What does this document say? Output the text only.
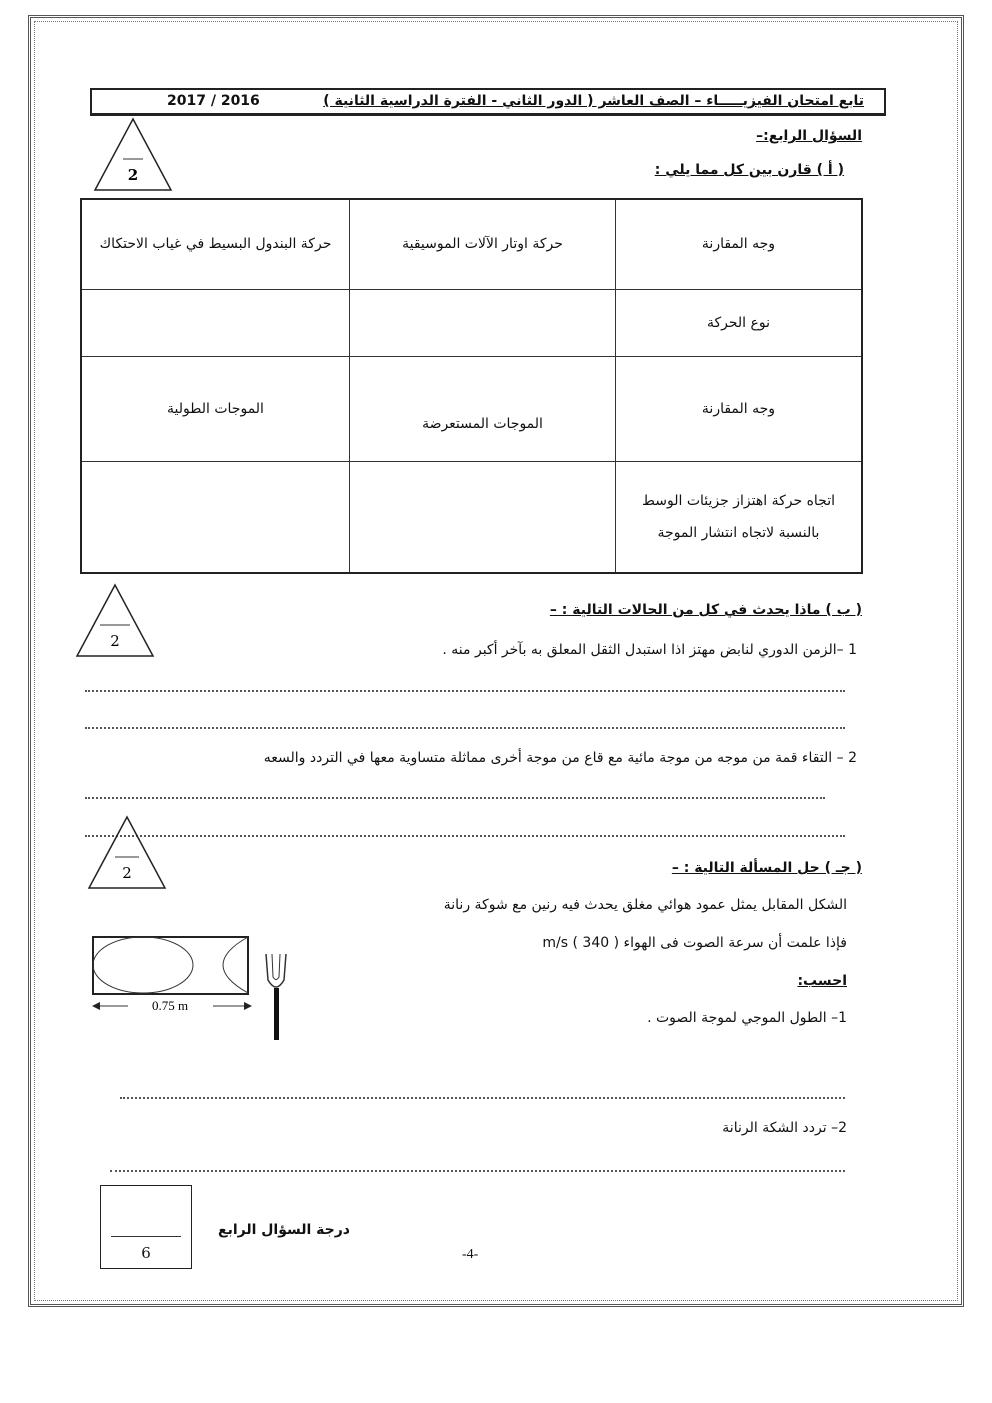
تابع امتحان الفيزيـــــاء – الصف العاشر ( الدور الثاني - الفترة الدراسية الثانية )
2017 / 2016
السؤال الرابع:–
( أ ) قارن بين كل مما يلي :
2
وجه المقارنة	حركة اوتار الآلات الموسيقية	حركة البندول البسيط في غياب الاحتكاك
نوع الحركة		
وجه المقارنة	الموجات المستعرضة	الموجات الطولية
اتجاه حركة اهتزاز جزيئات الوسط بالنسبة لاتجاه انتشار الموجة		
2
( ب ) ماذا يحدث في كل من الحالات التالية : –
1 –الزمن الدوري لنابض مهتز اذا استبدل الثقل المعلق به بآخر أكبر منه .
2 – التقاء قمة من موجه من موجة مائية مع قاع من موجة أخرى مماثلة متساوية معها في التردد والسعه
2	( جـ ) حل المسألة التالية : –
الشكل المقابل يمثل عمود هوائي مغلق يحدث فيه رنين مع شوكة رنانة
فإذا علمت أن سرعة الصوت فى الهواء m/s ( 340 )
احسب:
1– الطول الموجي لموجة الصوت .
2– تردد الشكة الرنانة
0.75 m
6
درجة السؤال الرابع
-4-
